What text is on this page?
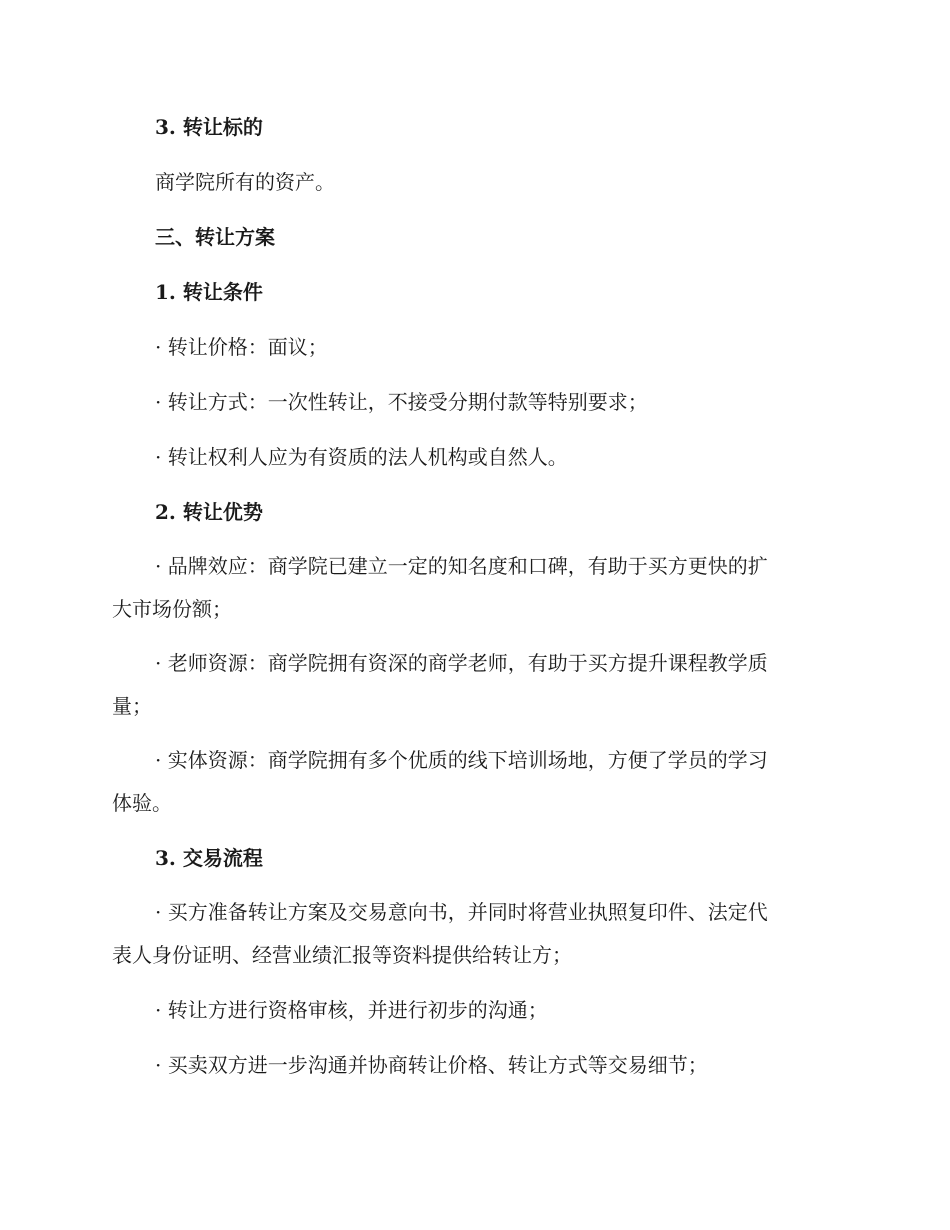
3. 转让标的
商学院所有的资产。
三、转让方案
1. 转让条件
· 转让价格：面议；
· 转让方式：一次性转让，不接受分期付款等特别要求；
· 转让权利人应为有资质的法人机构或自然人。
2. 转让优势
· 品牌效应：商学院已建立一定的知名度和口碑，有助于买方更快的扩
大市场份额；
· 老师资源：商学院拥有资深的商学老师，有助于买方提升课程教学质
量；
· 实体资源：商学院拥有多个优质的线下培训场地，方便了学员的学习
体验。
3. 交易流程
· 买方准备转让方案及交易意向书，并同时将营业执照复印件、法定代
表人身份证明、经营业绩汇报等资料提供给转让方；
· 转让方进行资格审核，并进行初步的沟通；
· 买卖双方进一步沟通并协商转让价格、转让方式等交易细节；
